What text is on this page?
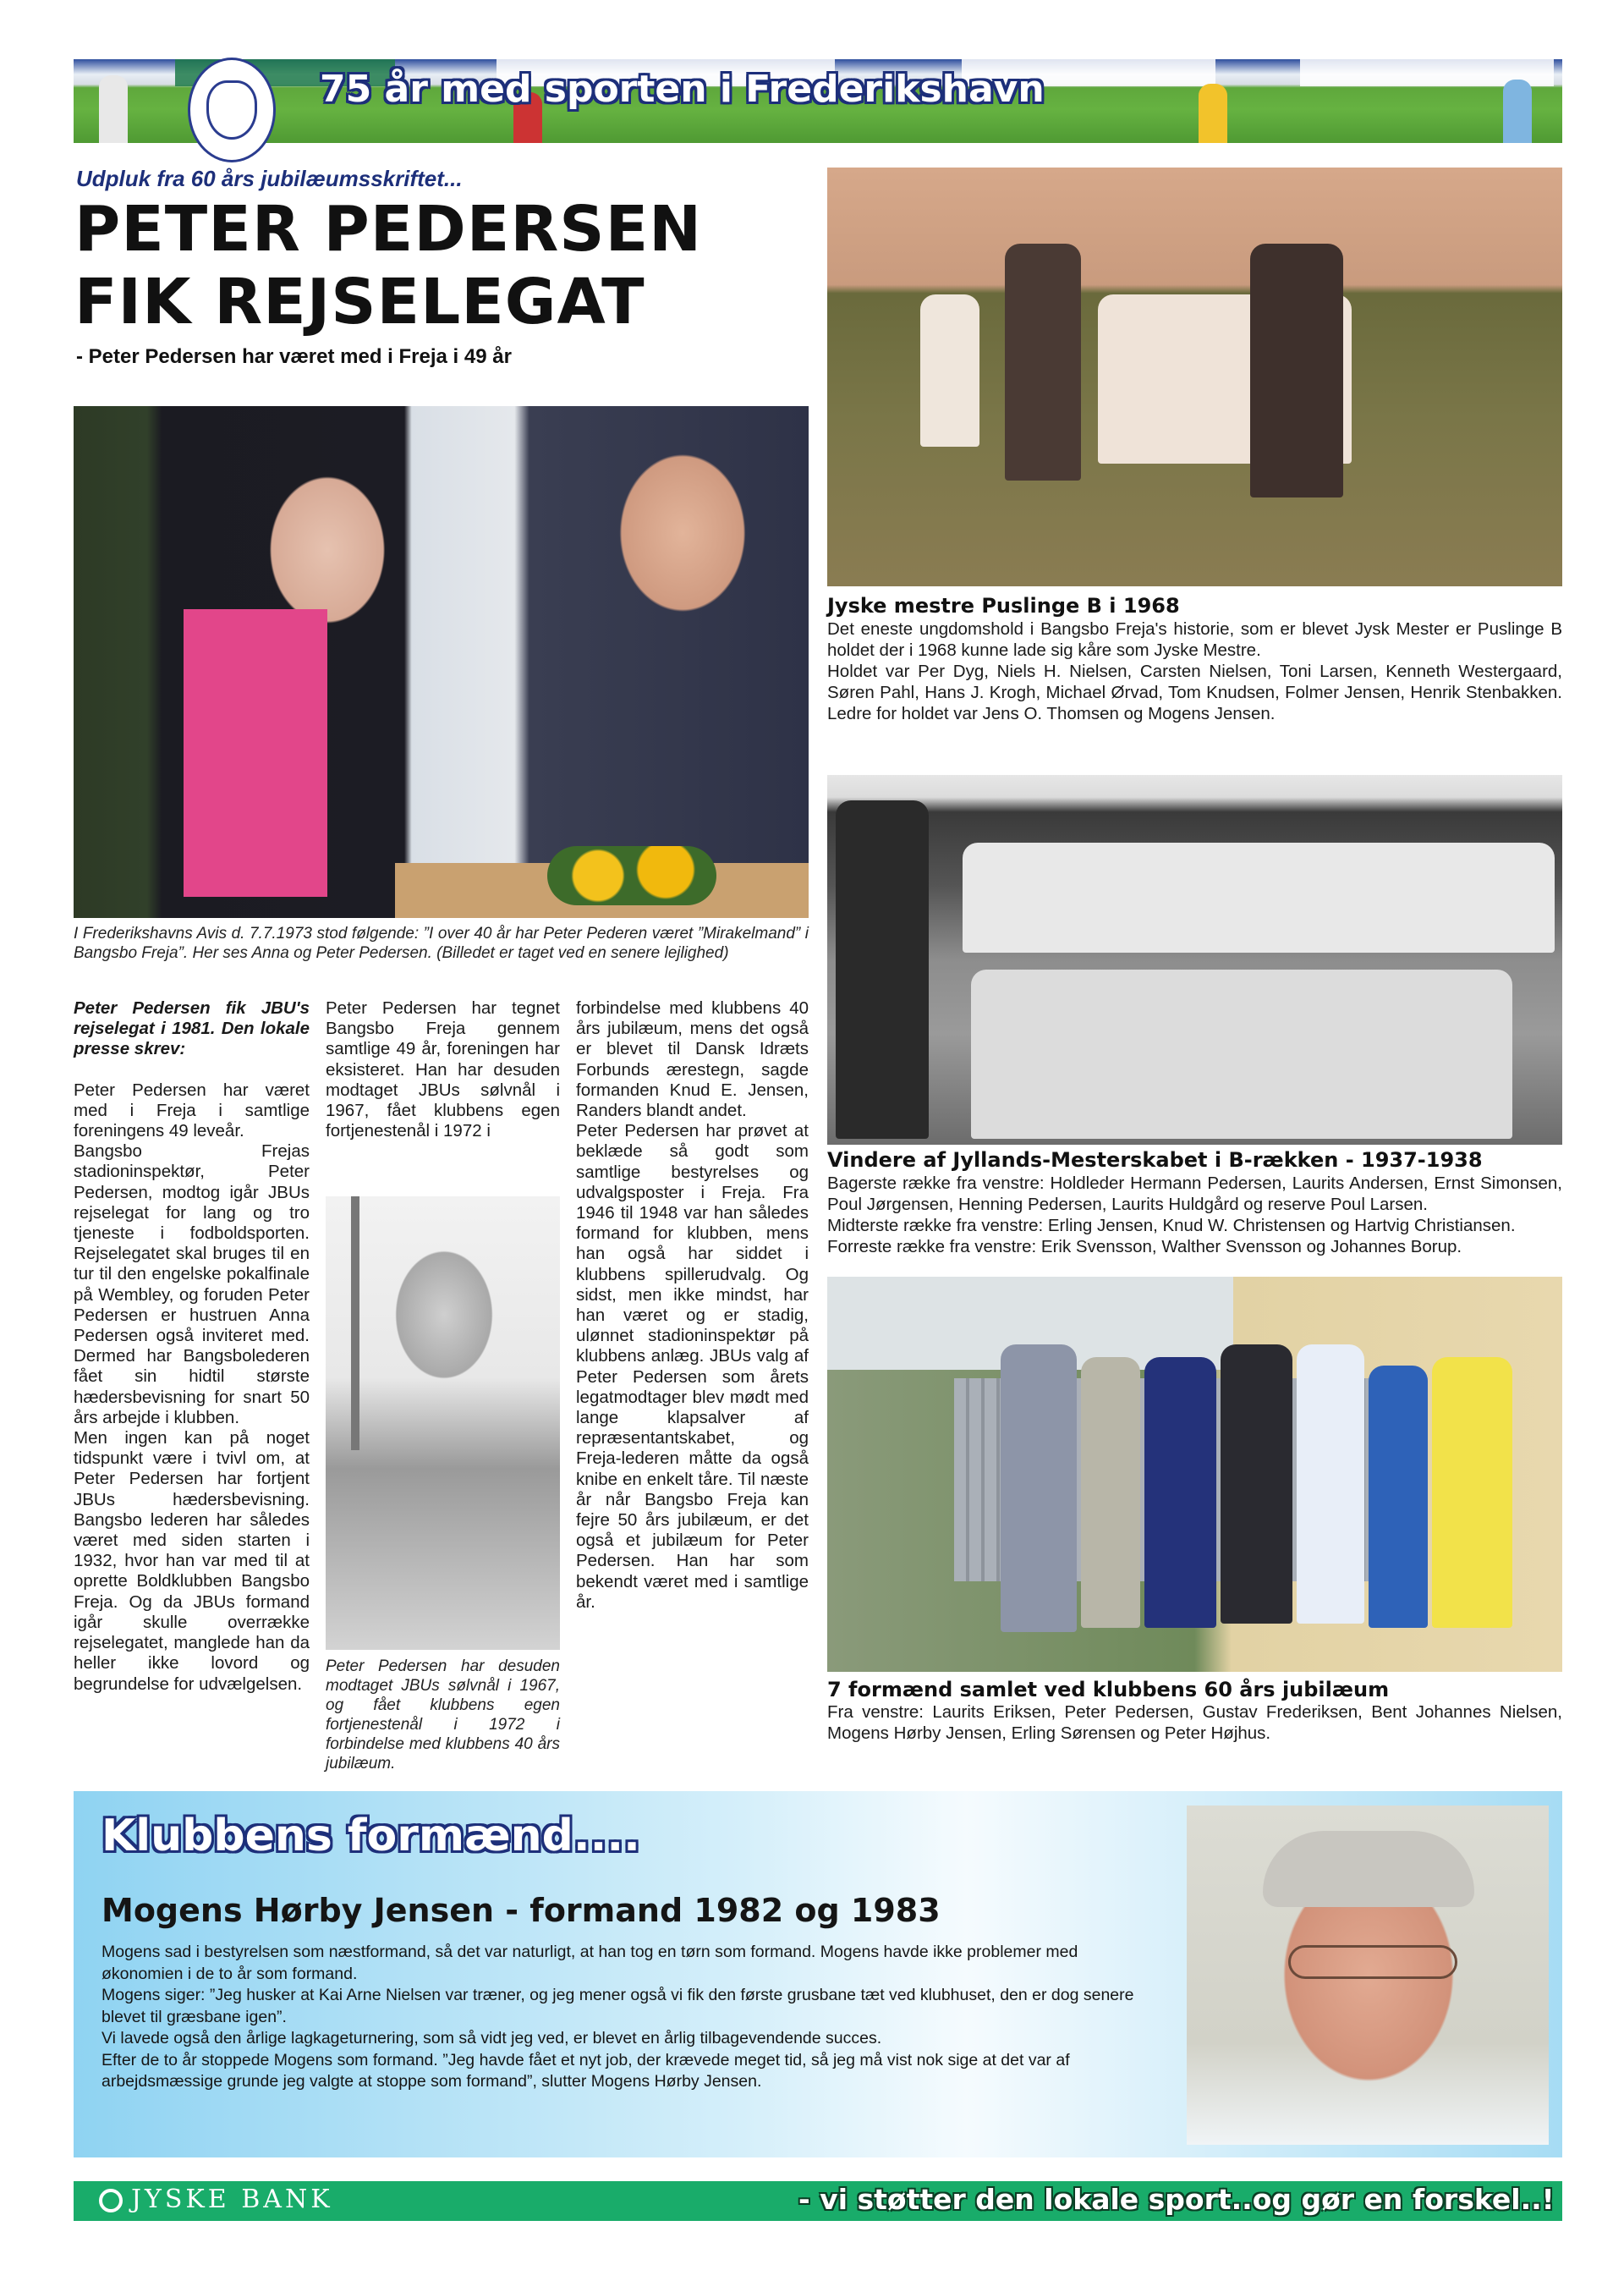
75 år med sporten i Frederikshavn
Udpluk fra 60 års jubilæumsskriftet...
PETER PEDERSEN
FIK REJSELEGAT
- Peter Pedersen har været med i Freja i 49 år
I Frederikshavns Avis d. 7.7.1973 stod følgende: ”I over 40 år har Peter Pederen været ”Mirakelmand” i Bangsbo Freja”. Her ses Anna og Peter Pedersen. (Billedet er taget ved en senere lejlighed)

Peter Pedersen fik JBU's rejselegat i 1981. Den lokale presse skrev:

Peter Pedersen har været med i Freja i samtlige foreningens 49 leveår.

Bangsbo Frejas stadioninspektør, Peter Pedersen, modtog igår JBUs rejselegat for lang og tro tjeneste i fodboldsporten. Rejselegatet skal bruges til en tur til den engelske pokalfinale på Wembley, og foruden Peter Pedersen er hustruen Anna Pedersen også inviteret med. Dermed har Bangsbolederen fået sin hidtil største hædersbevisning for snart 50 års arbejde i klubben.

Men ingen kan på noget tidspunkt være i tvivl om, at Peter Pedersen har fortjent JBUs hædersbevisning. Bangsbo lederen har således været med siden starten i 1932, hvor han var med til at oprette Boldklubben Bangsbo Freja. Og da JBUs formand igår skulle overrække rejselegatet, manglede han da heller ikke lovord og begrundelse for udvælgelsen.

Peter Pedersen har tegnet Bangsbo Freja gennem samtlige 49 år, foreningen har eksisteret. Han har desuden modtaget JBUs sølvnål i 1967, fået klubbens egen fortjenestenål i 1972 i

Peter Pedersen har desuden modtaget JBUs sølvnål i 1967, og fået klubbens egen fortjenestenål i 1972 i forbindelse med klubbens 40 års jubilæum.

forbindelse med klubbens 40 års jubilæum, mens det også er blevet til Dansk Idræts Forbunds ærestegn, sagde formanden Knud E. Jensen, Randers blandt andet.

Peter Pedersen har prøvet at beklæde så godt som samtlige bestyrelses og udvalgsposter i Freja. Fra 1946 til 1948 var han således formand for klubben, mens han også har siddet i klubbens spillerudvalg. Og sidst, men ikke mindst, har han været og er stadig, ulønnet stadioninspektør på klubbens anlæg. JBUs valg af Peter Pedersen som årets legatmodtager blev mødt med lange klapsalver af repræsentantskabet, og Freja-lederen måtte da også knibe en enkelt tåre. Til næste år når Bangsbo Freja kan fejre 50 års jubilæum, er det også et jubilæum for Peter Pedersen. Han har som bekendt været med i samtlige år.

Jyske mestre Puslinge B i 1968
Det eneste ungdomshold i Bangsbo Freja's historie, som er blevet Jysk Mester er Puslinge B holdet der i 1968 kunne lade sig kåre som Jyske Mestre.
Holdet var Per Dyg, Niels H. Nielsen, Carsten Nielsen, Toni Larsen, Kenneth Westergaard, Søren Pahl, Hans J. Krogh, Michael Ørvad, Tom Knudsen, Folmer Jensen, Henrik Stenbakken. Ledre for holdet var Jens O. Thomsen og Mogens Jensen.
Vindere af Jyllands-Mesterskabet i B-rækken - 1937-1938
Bagerste række fra venstre: Holdleder Hermann Pedersen, Laurits Andersen, Ernst Simonsen, Poul Jørgensen, Henning Pedersen, Laurits Huldgård og reserve Poul Larsen.
Midterste række fra venstre: Erling Jensen, Knud W. Christensen og Hartvig Christiansen.
Forreste række fra venstre: Erik Svensson, Walther Svensson og Johannes Borup.
7 formænd samlet ved klubbens 60 års jubilæum
Fra venstre: Laurits Eriksen, Peter Pedersen, Gustav Frederiksen, Bent Johannes Nielsen, Mogens Hørby Jensen, Erling Sørensen og Peter Højhus.
Klubbens formænd....
Mogens Hørby Jensen - formand 1982 og 1983

Mogens sad i bestyrelsen som næstformand, så det var naturligt, at han tog en tørn som formand. Mogens havde ikke problemer med økonomien i de to år som formand.

Mogens siger: ”Jeg husker at Kai Arne Nielsen var træner, og jeg mener også vi fik den første grusbane tæt ved klubhuset, den er dog senere blevet til græsbane igen”.

Vi lavede også den årlige lagkageturnering, som så vidt jeg ved, er blevet en årlig tilbagevendende succes.

Efter de to år stoppede Mogens som formand. ”Jeg havde fået et nyt job, der krævede meget tid, så jeg må vist nok sige at det var af arbejdsmæssige grunde jeg valgte at stoppe som formand”, slutter Mogens Hørby Jensen.

JYSKE BANK	- vi støtter den lokale sport..og gør en forskel..!
